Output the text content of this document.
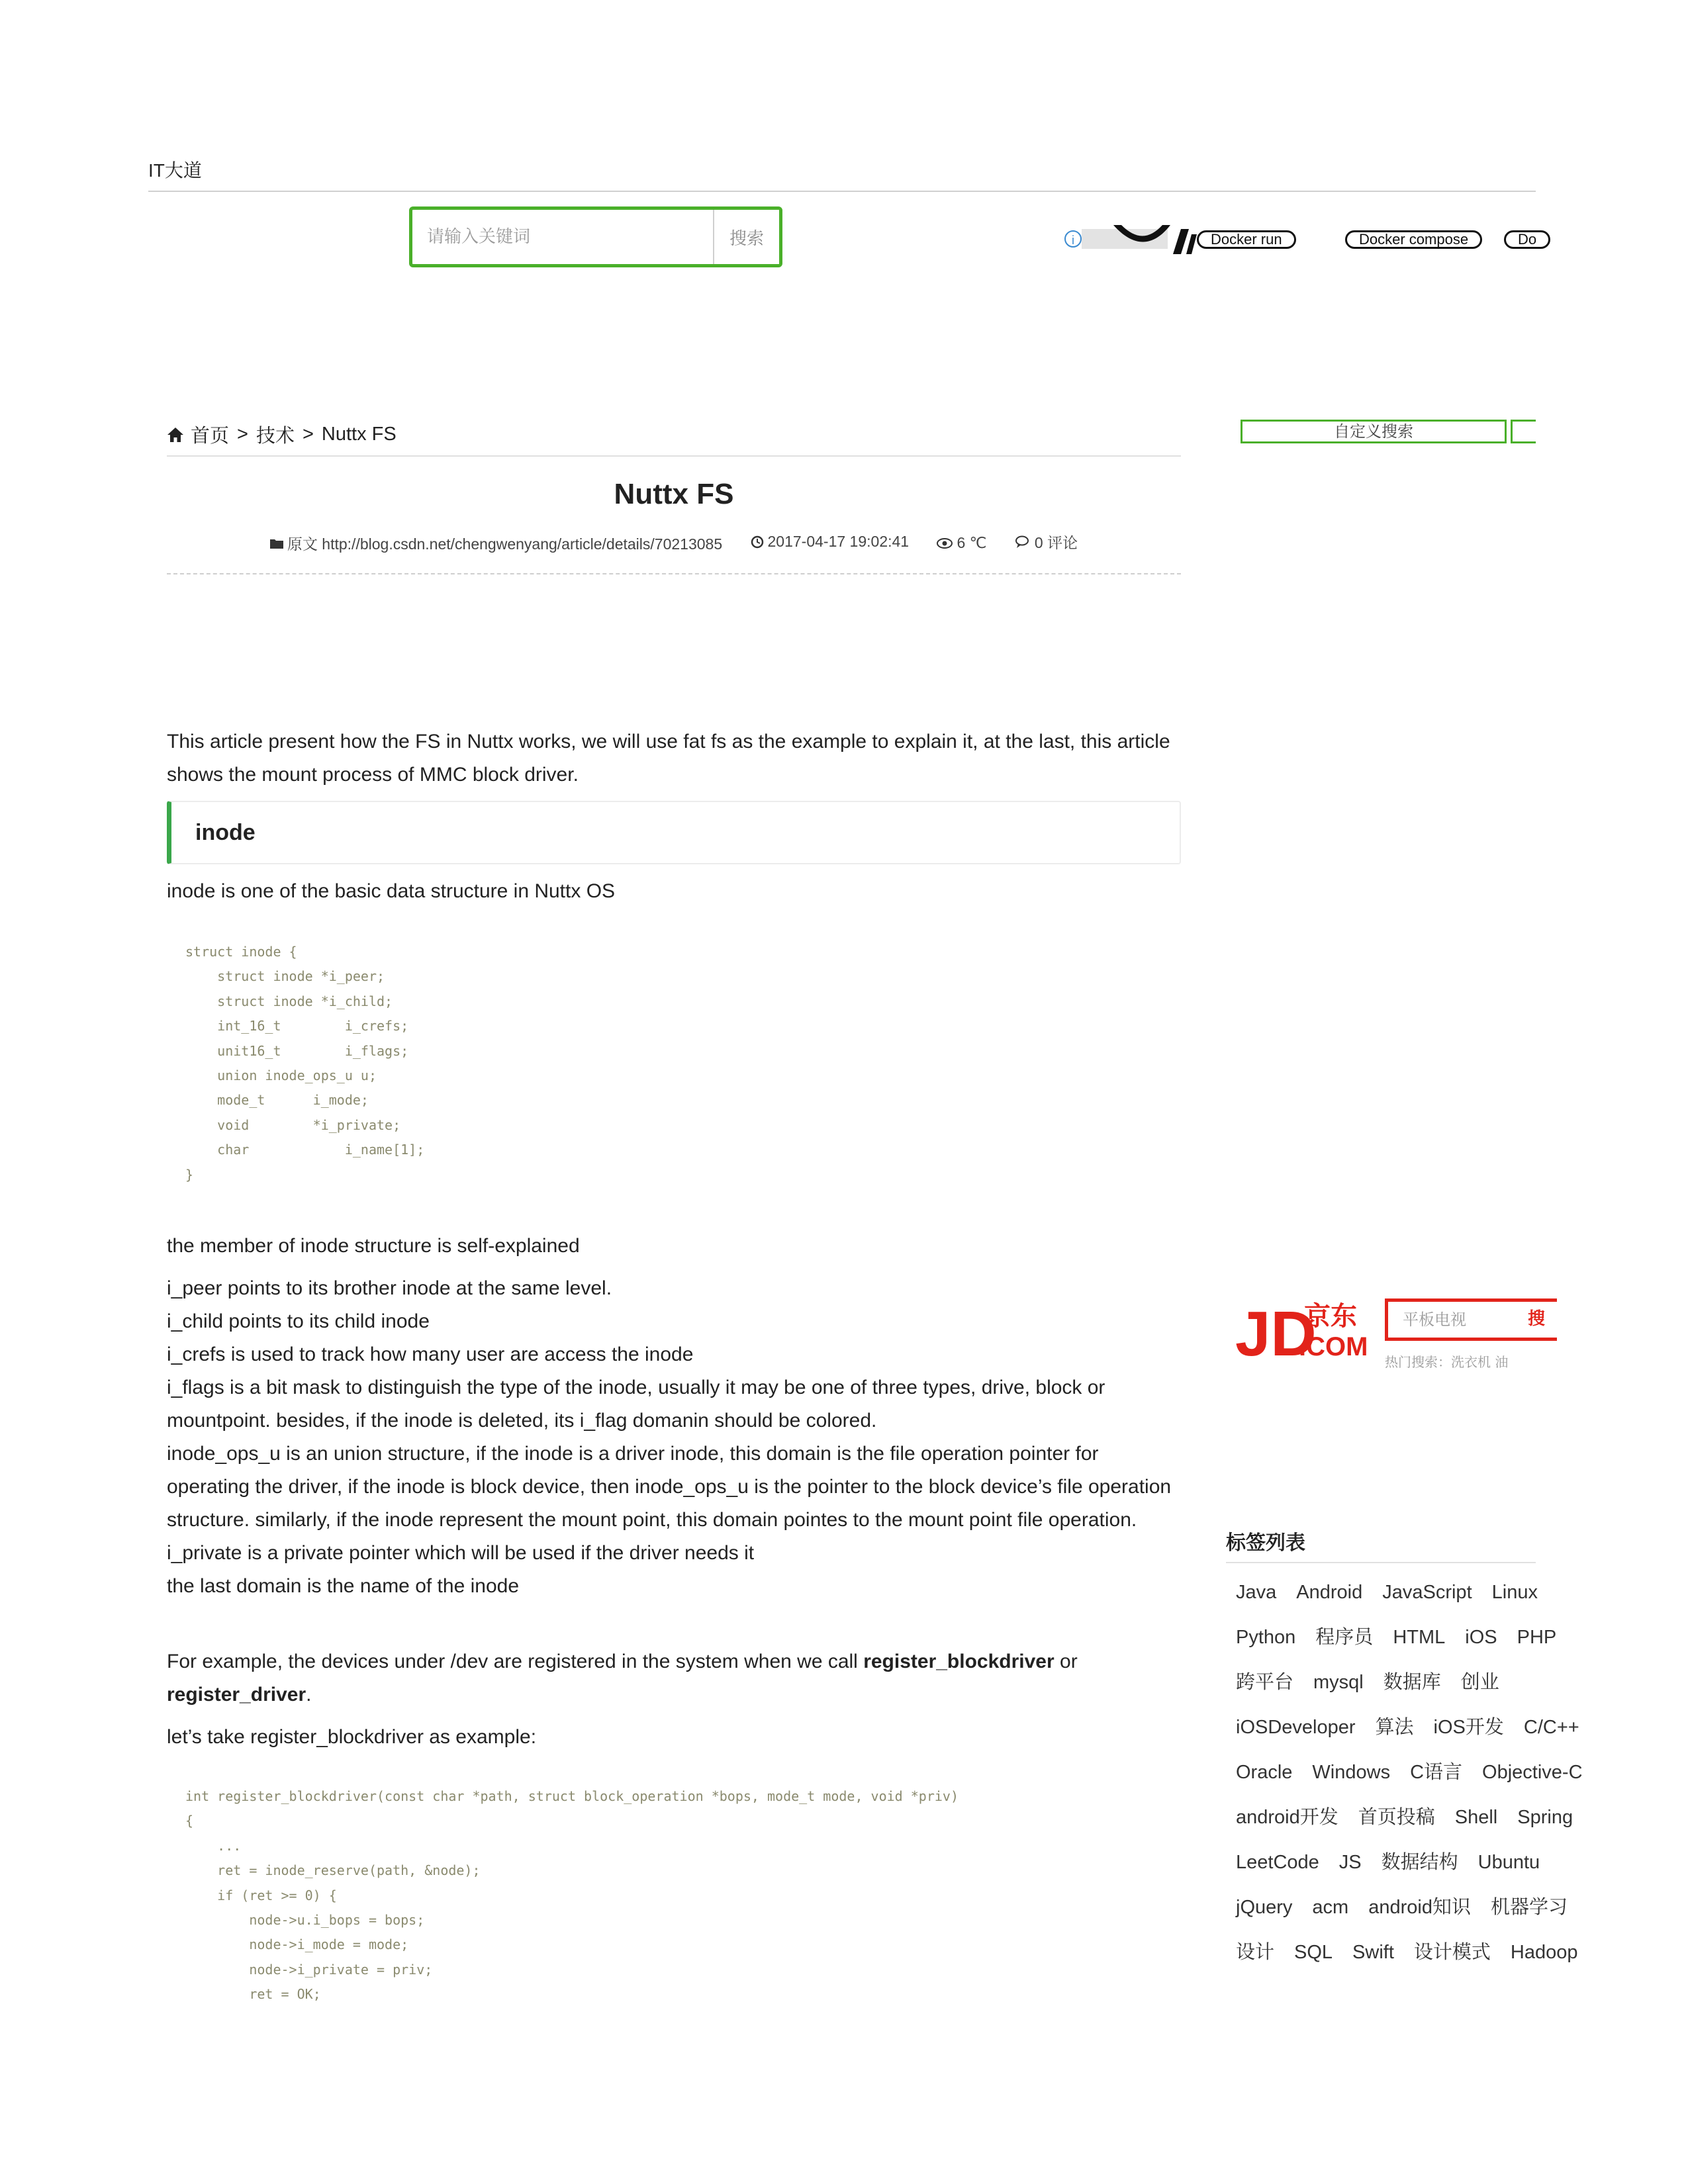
IT大道
请输入关键词
搜索	i	Docker run	Docker compose	Do
首页 > 技术 > Nuttx FS
Nuttx FS
原文 http://blog.csdn.net/chengwenyang/article/details/70213085
	2017-04-17 19:02:41
	6 ℃
	0 评论
This article present how the FS in Nuttx works, we will use fat fs as the example to explain it, at the last, this article shows the mount process of MMC block driver.
inode
inode is one of the basic data structure in Nuttx OS
struct inode {
struct inode *i_peer;
struct inode *i_child;
int_16_t        i_crefs;
unit16_t        i_flags;
union inode_ops_u u;
mode_t      i_mode;
void        *i_private;
char            i_name[1];
}
the member of inode structure is self-explained
i_peer points to its brother inode at the same level.
i_child points to its child inode
i_crefs is used to track how many user are access the inode
i_flags is a bit mask to distinguish the type of the inode, usually it may be one of three types, drive, block or mountpoint. besides, if the inode is deleted, its i_flag domanin should be colored.
inode_ops_u is an union structure, if the inode is a driver inode, this domain is the file operation pointer for operating the driver, if the inode is block device, then inode_ops_u is the pointer to the block device’s file operation structure. similarly, if the inode represent the mount point, this domain pointes to the mount point file operation.
i_private is a private pointer which will be used if the driver needs it
the last domain is the name of the inode
For example, the devices under /dev are registered in the system when we call register_blockdriver or register_driver.
let’s take register_blockdriver as example:
int register_blockdriver(const char *path, struct block_operation *bops, mode_t mode, void *priv)
{
...
ret = inode_reserve(path, &node);
if (ret >= 0) {
node->u.i_bops = bops;
node->i_mode = mode;
node->i_private = priv;
ret = OK;
自定义搜索
JD
京东
.COM
平板电视	搜
热门搜索：洗衣机 油
标签列表
Java Android JavaScript Linux
Python 程序员 HTML iOS PHP
跨平台 mysql 数据库 创业
iOSDeveloper 算法 iOS开发 C/C++
Oracle Windows C语言 Objective-C
android开发 首页投稿 Shell Spring
LeetCode JS 数据结构 Ubuntu
jQuery acm android知识 机器学习
设计 SQL Swift 设计模式 Hadoop
